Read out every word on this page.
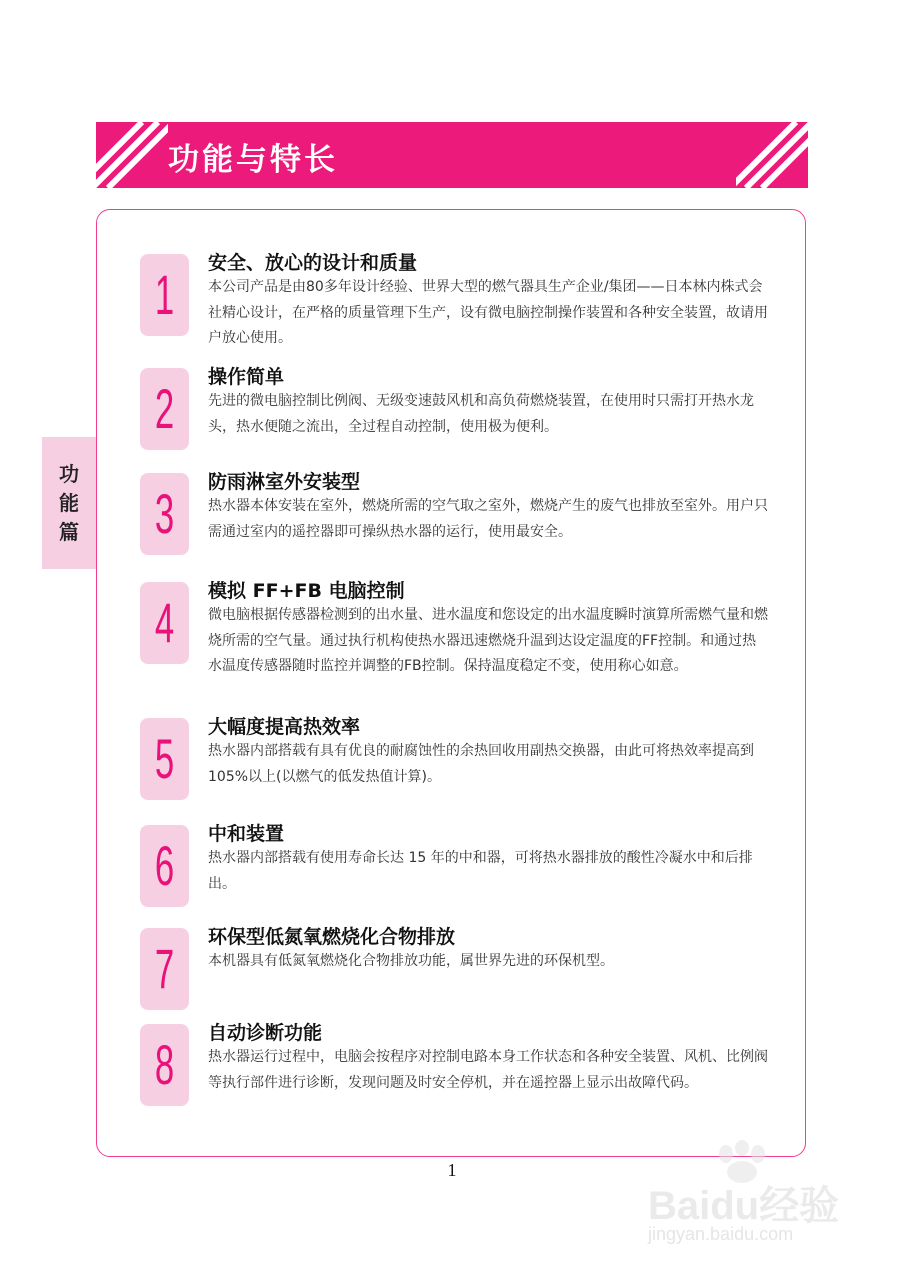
功能与特长
功
能
篇
1 安全、放心的设计和质量
本公司产品是由80多年设计经验、世界大型的燃气器具生产企业/集团——日本林内株式会社精心设计，在严格的质量管理下生产，设有微电脑控制操作装置和各种安全装置，故请用户放心使用。
2 操作简单
先进的微电脑控制比例阀、无级变速鼓风机和高负荷燃烧装置，在使用时只需打开热水龙头，热水便随之流出，全过程自动控制，使用极为便利。
3 防雨淋室外安装型
热水器本体安装在室外，燃烧所需的空气取之室外，燃烧产生的废气也排放至室外。用户只需通过室内的遥控器即可操纵热水器的运行，使用最安全。
4 模拟 FF+FB 电脑控制
微电脑根据传感器检测到的出水量、进水温度和您设定的出水温度瞬时演算所需燃气量和燃烧所需的空气量。通过执行机构使热水器迅速燃烧升温到达设定温度的FF控制。和通过热水温度传感器随时监控并调整的FB控制。保持温度稳定不变，使用称心如意。
5 大幅度提高热效率
热水器内部搭载有具有优良的耐腐蚀性的余热回收用副热交换器，由此可将热效率提高到105%以上(以燃气的低发热值计算)。
6 中和装置
热水器内部搭载有使用寿命长达 15 年的中和器，可将热水器排放的酸性冷凝水中和后排出。
7 环保型低氮氧燃烧化合物排放
本机器具有低氮氧燃烧化合物排放功能，属世界先进的环保机型。
8 自动诊断功能
热水器运行过程中，电脑会按程序对控制电路本身工作状态和各种安全装置、风机、比例阀等执行部件进行诊断，发现问题及时安全停机，并在遥控器上显示出故障代码。
1
Baidu经验
jingyan.baidu.com
